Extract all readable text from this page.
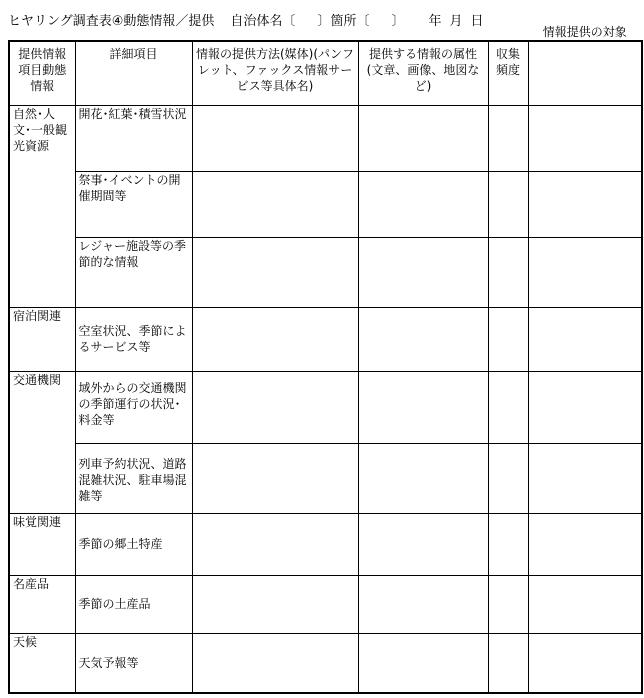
ヒヤリング調査表④動態情報／提供 自治体名〔 〕箇所〔 〕 年 月 日
提供情報項目動態情報	詳細項目	情報の提供方法(媒体)(パンフレット、ファックス情報サービス等具体名)	提供する情報の属性(文章、画像、地図など)	収集頻度	情報提供の対象
自然･人文･一般観光資源	開花･紅葉･積雪状況				
	祭事･イベントの開催期間等				
	レジャー施設等の季節的な情報				
宿泊関連	空室状況、季節によるサービス等				
交通機関	域外からの交通機関の季節運行の状況･料金等				
	列車予約状況、道路混雑状況、駐車場混雑等				
味覚関連	季節の郷土特産				
名産品	季節の土産品				
天候	天気予報等				
